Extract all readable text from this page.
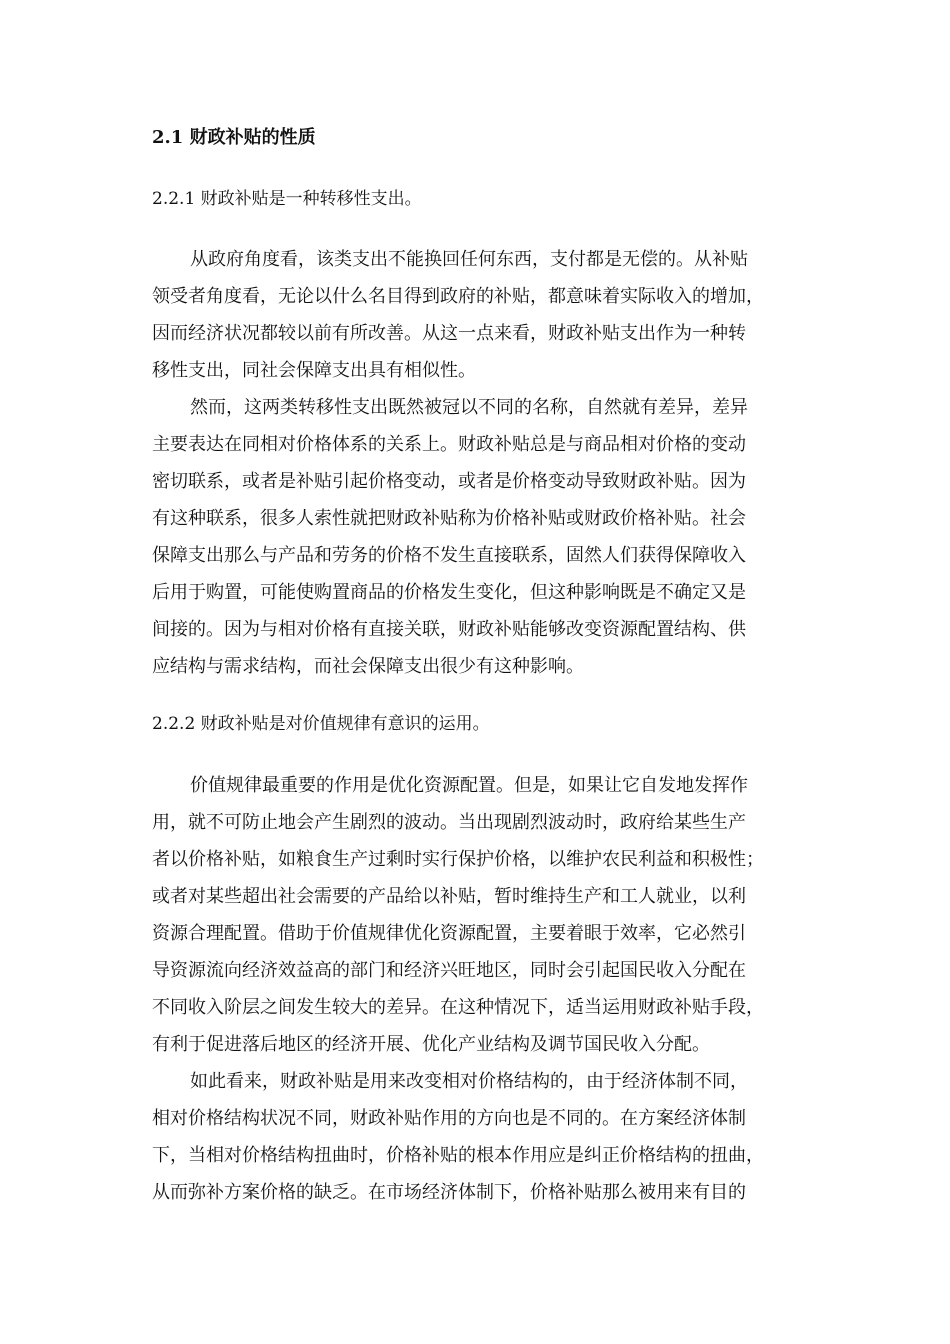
2.1 财政补贴的性质
2.2.1 财政补贴是一种转移性支出。
从政府角度看，该类支出不能换回任何东西，支付都是无偿的。从补贴
领受者角度看，无论以什么名目得到政府的补贴，都意味着实际收入的增加，
因而经济状况都较以前有所改善。从这一点来看，财政补贴支出作为一种转
移性支出，同社会保障支出具有相似性。
然而，这两类转移性支出既然被冠以不同的名称，自然就有差异，差异
主要表达在同相对价格体系的关系上。财政补贴总是与商品相对价格的变动
密切联系，或者是补贴引起价格变动，或者是价格变动导致财政补贴。因为
有这种联系，很多人索性就把财政补贴称为价格补贴或财政价格补贴。社会
保障支出那么与产品和劳务的价格不发生直接联系，固然人们获得保障收入
后用于购置，可能使购置商品的价格发生变化，但这种影响既是不确定又是
间接的。因为与相对价格有直接关联，财政补贴能够改变资源配置结构、供
应结构与需求结构，而社会保障支出很少有这种影响。
2.2.2 财政补贴是对价值规律有意识的运用。
价值规律最重要的作用是优化资源配置。但是，如果让它自发地发挥作
用，就不可防止地会产生剧烈的波动。当出现剧烈波动时，政府给某些生产
者以价格补贴，如粮食生产过剩时实行保护价格，以维护农民利益和积极性；
或者对某些超出社会需要的产品给以补贴，暂时维持生产和工人就业，以利
资源合理配置。借助于价值规律优化资源配置，主要着眼于效率，它必然引
导资源流向经济效益高的部门和经济兴旺地区，同时会引起国民收入分配在
不同收入阶层之间发生较大的差异。在这种情况下，适当运用财政补贴手段，
有利于促进落后地区的经济开展、优化产业结构及调节国民收入分配。
如此看来，财政补贴是用来改变相对价格结构的，由于经济体制不同，
相对价格结构状况不同，财政补贴作用的方向也是不同的。在方案经济体制
下，当相对价格结构扭曲时，价格补贴的根本作用应是纠正价格结构的扭曲，
从而弥补方案价格的缺乏。在市场经济体制下，价格补贴那么被用来有目的
